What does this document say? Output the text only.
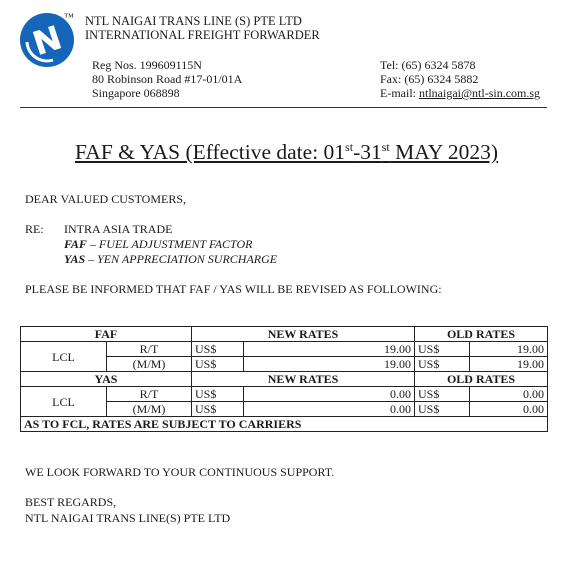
™ NTL NAIGAI TRANS LINE (S) PTE LTD
INTERNATIONAL FREIGHT FORWARDER
Reg Nos. 199609115N
80 Robinson Road #17-01/01A
Singapore 068898
Tel: (65) 6324 5878
Fax: (65) 6324 5882
E-mail: ntlnaigai@ntl-sin.com.sg
FAF & YAS (Effective date: 01st-31st MAY 2023)
DEAR VALUED CUSTOMERS,
RE: INTRA ASIA TRADE
FAF – FUEL ADJUSTMENT FACTOR
YAS – YEN APPRECIATION SURCHARGE
PLEASE BE INFORMED THAT FAF / YAS WILL BE REVISED AS FOLLOWING:
FAF		NEW RATES		OLD RATES	
LCL	R/T	US$	19.00	US$	19.00
	(M/M)	US$	19.00	US$	19.00
YAS		NEW RATES		OLD RATES	
LCL	R/T	US$	0.00	US$	0.00
	(M/M)	US$	0.00	US$	0.00
AS TO FCL, RATES ARE SUBJECT TO CARRIERS					
WE LOOK FORWARD TO YOUR CONTINUOUS SUPPORT.
BEST REGARDS,
NTL NAIGAI TRANS LINE(S) PTE LTD
